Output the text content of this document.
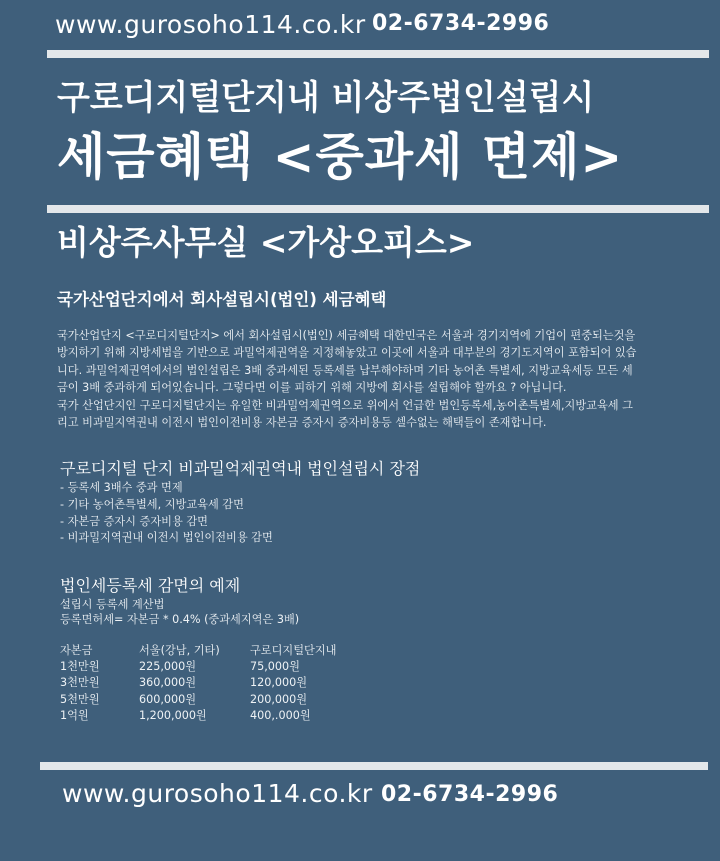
www.gurosoho114.co.kr 02-6734-2996
구로디지털단지내 비상주법인설립시
세금혜택 <중과세 면제>
비상주사무실 <가상오피스>
국가산업단지에서 회사설립시(법인) 세금혜택
국가산업단지 <구로디지털단지> 에서 회사설립시(법인) 세금혜택 대한민국은 서울과 경기지역에 기업이 편중되는것을
방지하기 위해 지방세법을 기반으로 과밀억제권역을 지정해놓았고 이곳에 서울과 대부분의 경기도지역이 포함되어 있습
니다. 과밀억제권역에서의 법인설립은 3배 중과세된 등록세를 납부해야하며 기타 농어촌 특별세, 지방교육세등 모든 세
금이 3배 중과하게 되어있습니다. 그렇다면 이를 피하기 위해 지방에 회사를 설립해야 할까요 ? 아닙니다.
국가 산업단지인 구로디지털단지는 유일한 비과밀억제권역으로 위에서 언급한 법인등록세,농어촌특별세,지방교육세 그
리고 비과밀지역권내 이전시 법인이전비용 자본금 증자시 증자비용등 셀수없는 해택들이 존재합니다.
구로디지털 단지 비과밀억제권역내 법인설립시 장점
- 등록세 3배수 중과 면제
- 기타 농어촌특별세, 지방교육세 감면
- 자본금 증자시 증자비용 감면
- 비과밀지역권내 이전시 법인이전비용 감면
법인세등록세 감면의 예제
설립시 등록세 계산법
등록면허세= 자본금 * 0.4% (중과세지역은 3배)
자본금	서울(강남, 기타)	구로디지털단지내
1천만원	225,000원	75,000원
3천만원	360,000원	120,000원
5천만원	600,000원	200,000원
1억원	1,200,000원	400,.000원
www.gurosoho114.co.kr 02-6734-2996
